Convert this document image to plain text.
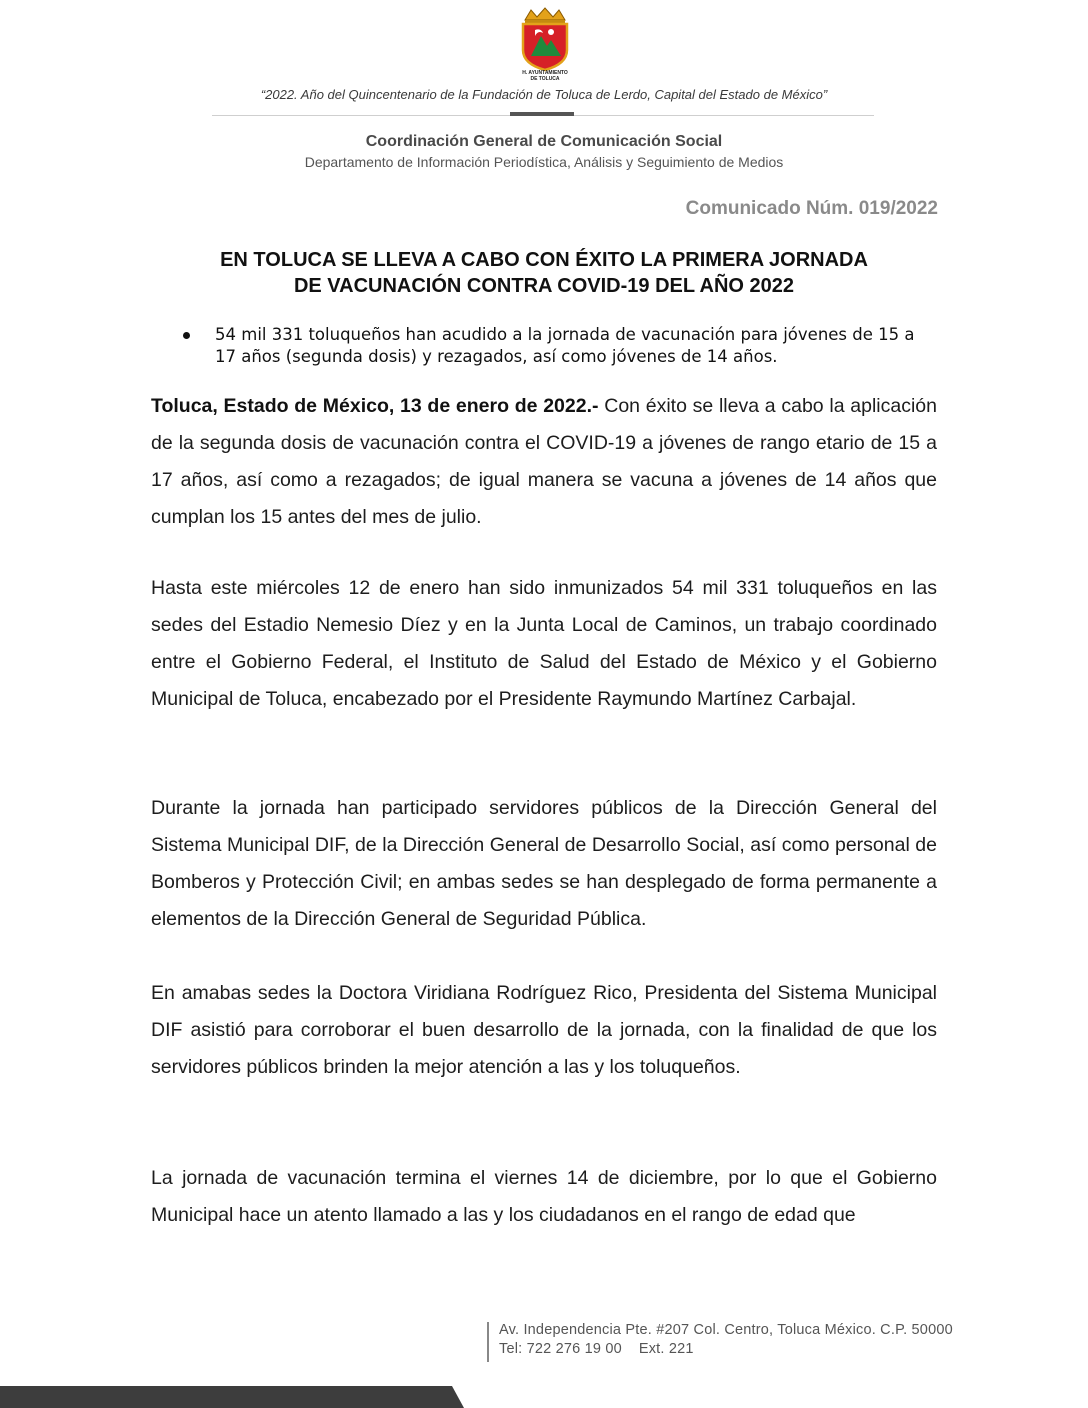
H. AYUNTAMIENTO
DE TOLUCA
“2022. Año del Quincentenario de la Fundación de Toluca de Lerdo, Capital del Estado de México”
Coordinación General de Comunicación Social
Departamento de Información Periodística, Análisis y Seguimiento de Medios
Comunicado Núm. 019/2022
EN TOLUCA SE LLEVA A CABO CON ÉXITO LA PRIMERA JORNADA
DE VACUNACIÓN CONTRA COVID-19 DEL AÑO 2022
54 mil 331 toluqueños han acudido a la jornada de vacunación para jóvenes de 15 a 17 años (segunda dosis) y rezagados, así como jóvenes de 14 años.
Toluca, Estado de México, 13 de enero de 2022.- Con éxito se lleva a cabo la aplicación de la segunda dosis de vacunación contra el COVID-19 a jóvenes de rango etario de 15 a 17 años, así como a rezagados; de igual manera se vacuna a jóvenes de 14 años que cumplan los 15 antes del mes de julio.
Hasta este miércoles 12 de enero han sido inmunizados 54 mil 331 toluqueños en las sedes del Estadio Nemesio Díez y en la Junta Local de Caminos, un trabajo coordinado entre el Gobierno Federal, el Instituto de Salud del Estado de México y el Gobierno Municipal de Toluca, encabezado por el Presidente Raymundo Martínez Carbajal.
Durante la jornada han participado servidores públicos de la Dirección General del Sistema Municipal DIF, de la Dirección General de Desarrollo Social, así como personal de Bomberos y Protección Civil; en ambas sedes se han desplegado de forma permanente a elementos de la Dirección General de Seguridad Pública.
En amabas sedes la Doctora Viridiana Rodríguez Rico, Presidenta del Sistema Municipal DIF asistió para corroborar el buen desarrollo de la jornada, con la finalidad de que los servidores públicos brinden la mejor atención a las y los toluqueños.
La jornada de vacunación termina el viernes 14 de diciembre, por lo que el Gobierno Municipal hace un atento llamado a las y los ciudadanos en el rango de edad que
Av. Independencia Pte. #207 Col. Centro, Toluca México. C.P. 50000
Tel: 722 276 19 00    Ext. 221
